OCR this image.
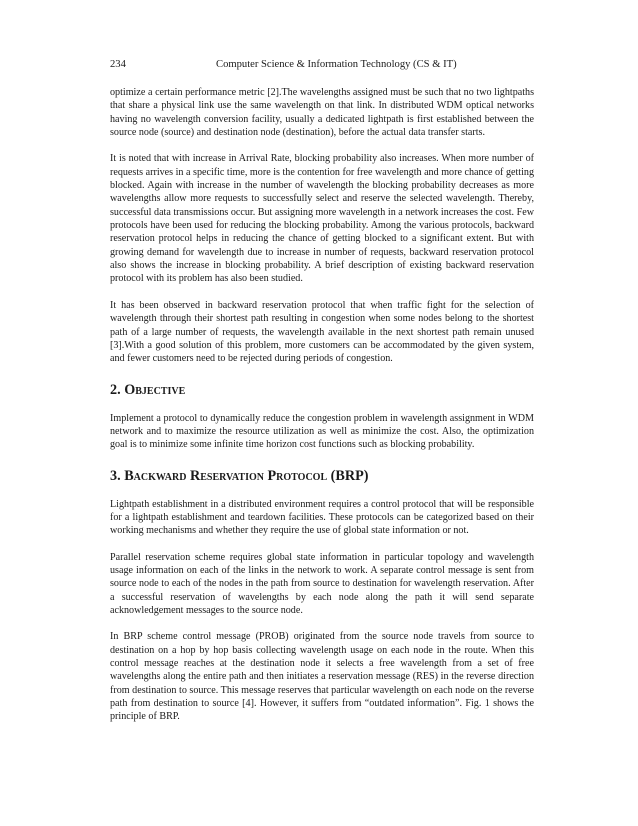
234	Computer Science & Information Technology (CS & IT)

optimize a certain performance metric [2].The wavelengths assigned must be such that no two lightpaths that share a physical link use the same wavelength on that link. In distributed WDM optical networks having no wavelength conversion facility, usually a dedicated lightpath is first established between the source node (source) and destination node (destination), before the actual data transfer starts.

It is noted that with increase in Arrival Rate, blocking probability also increases. When more number of requests arrives in a specific time, more is the contention for free wavelength and more chance of getting blocked. Again with increase in the number of wavelength the blocking probability decreases as more wavelengths allow more requests to successfully select and reserve the selected wavelength. Thereby, successful data transmissions occur. But assigning more wavelength in a network increases the cost. Few protocols have been used for reducing the blocking probability. Among the various protocols, backward reservation protocol helps in reducing the chance of getting blocked to a significant extent. But with growing demand for wavelength due to increase in number of requests, backward reservation protocol also shows the increase in blocking probability. A brief description of existing backward reservation protocol with its problem has also been studied.

It has been observed in backward reservation protocol that when traffic fight for the selection of wavelength through their shortest path resulting in congestion when some nodes belong to the shortest path of a large number of requests, the wavelength available in the next shortest path remain unused [3].With a good solution of this problem, more customers can be accommodated by the given system, and fewer customers need to be rejected during periods of congestion.

2. Objective

Implement a protocol to dynamically reduce the congestion problem in wavelength assignment in WDM network and to maximize the resource utilization as well as minimize the cost. Also, the optimization goal is to minimize some infinite time horizon cost functions such as blocking probability.

3. Backward Reservation Protocol (BRP)

Lightpath establishment in a distributed environment requires a control protocol that will be responsible for a lightpath establishment and teardown facilities. These protocols can be categorized based on their working mechanisms and whether they require the use of global state information or not.

Parallel reservation scheme requires global state information in particular topology and wavelength usage information on each of the links in the network to work. A separate control message is sent from source node to each of the nodes in the path from source to destination for wavelength reservation. After a successful reservation of wavelengths by each node along the path it will send separate acknowledgement messages to the source node.

In BRP scheme control message (PROB) originated from the source node travels from source to destination on a hop by hop basis collecting wavelength usage on each node in the route. When this control message reaches at the destination node it selects a free wavelength from a set of free wavelengths along the entire path and then initiates a reservation message (RES) in the reverse direction from destination to source. This message reserves that particular wavelength on each node on the reverse path from destination to source [4]. However, it suffers from “outdated information”. Fig. 1 shows the principle of BRP.
